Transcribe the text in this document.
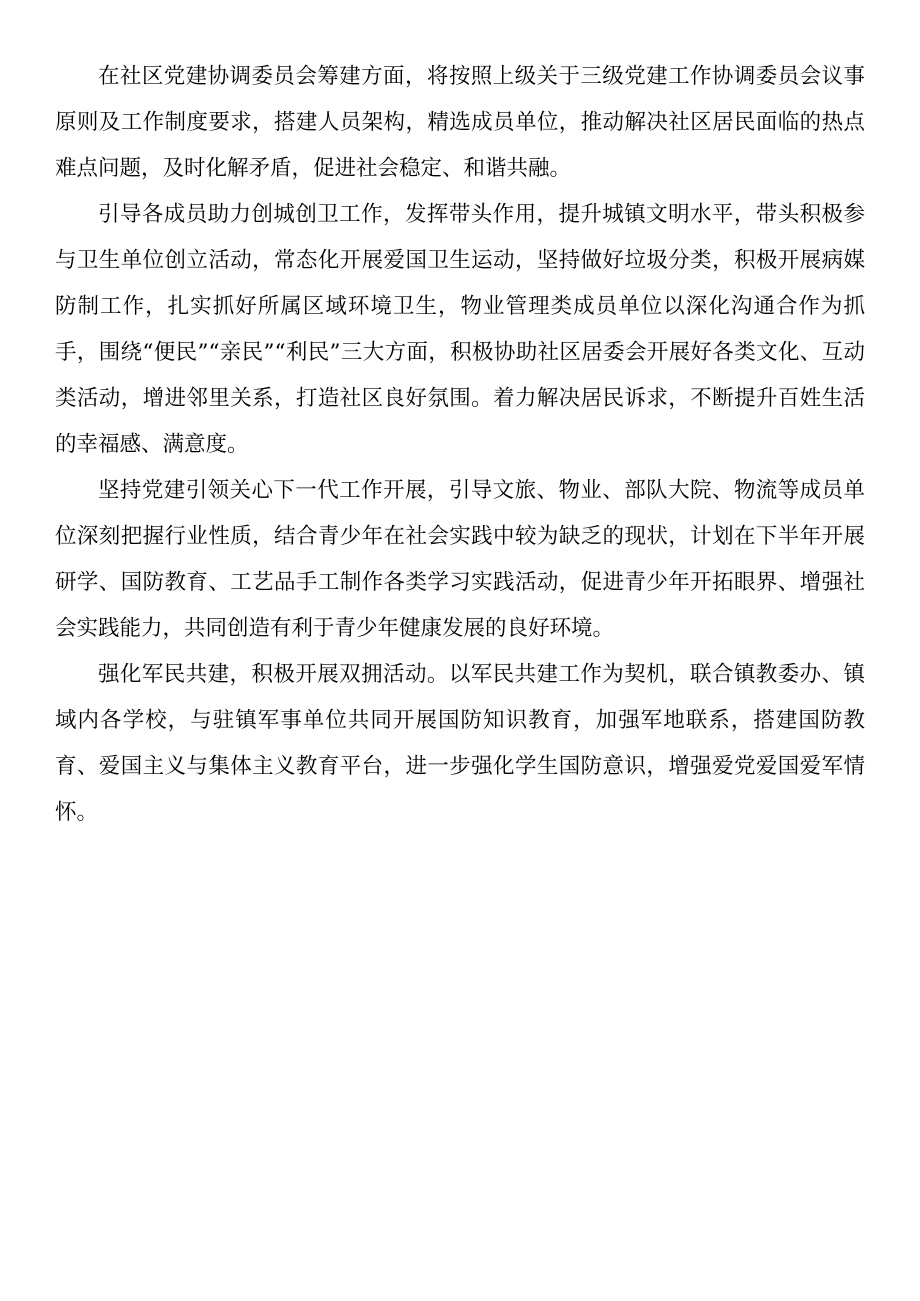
在社区党建协调委员会筹建方面，将按照上级关于三级党建工作协调委员会议事原则及工作制度要求，搭建人员架构，精选成员单位，推动解决社区居民面临的热点难点问题，及时化解矛盾，促进社会稳定、和谐共融。

引导各成员助力创城创卫工作，发挥带头作用，提升城镇文明水平，带头积极参与卫生单位创立活动，常态化开展爱国卫生运动，坚持做好垃圾分类，积极开展病媒防制工作，扎实抓好所属区域环境卫生，物业管理类成员单位以深化沟通合作为抓手，围绕“便民”“亲民”“利民”三大方面，积极协助社区居委会开展好各类文化、互动类活动，增进邻里关系，打造社区良好氛围。着力解决居民诉求，不断提升百姓生活的幸福感、满意度。

坚持党建引领关心下一代工作开展，引导文旅、物业、部队大院、物流等成员单位深刻把握行业性质，结合青少年在社会实践中较为缺乏的现状，计划在下半年开展研学、国防教育、工艺品手工制作各类学习实践活动，促进青少年开拓眼界、增强社会实践能力，共同创造有利于青少年健康发展的良好环境。

强化军民共建，积极开展双拥活动。以军民共建工作为契机，联合镇教委办、镇域内各学校，与驻镇军事单位共同开展国防知识教育，加强军地联系，搭建国防教育、爱国主义与集体主义教育平台，进一步强化学生国防意识，增强爱党爱国爱军情怀。
